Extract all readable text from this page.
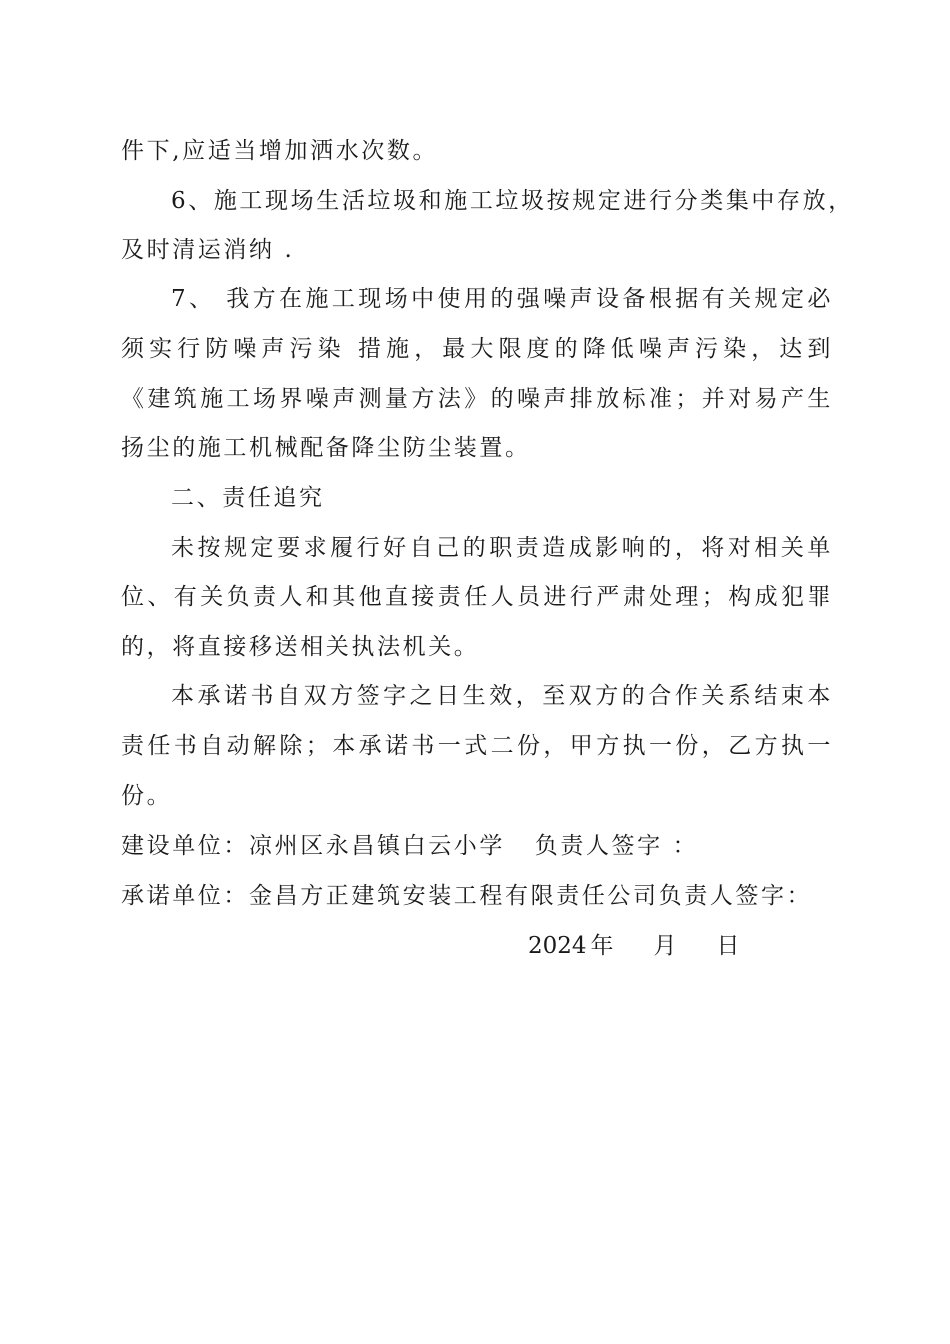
件下,应适当增加洒水次数。
6、施工现场生活垃圾和施工垃圾按规定进行分类集中存放，
及时清运消纳 .
7、 我方在施工现场中使用的强噪声设备根据有关规定必
须实行防噪声污染 措施，最大限度的降低噪声污染，达到
《建筑施工场界噪声测量方法》的噪声排放标准；并对易产生
扬尘的施工机械配备降尘防尘装置。
二、责任追究
未按规定要求履行好自己的职责造成影响的，将对相关单
位、有关负责人和其他直接责任人员进行严肃处理；构成犯罪
的，将直接移送相关执法机关。
本承诺书自双方签字之日生效，至双方的合作关系结束本
责任书自动解除；本承诺书一式二份，甲方执一份，乙方执一
份。
建设单位：凉州区永昌镇白云小学   负责人签字 ：
承诺单位：金昌方正建筑安装工程有限责任公司负责人签字：
2024 年 月 日
